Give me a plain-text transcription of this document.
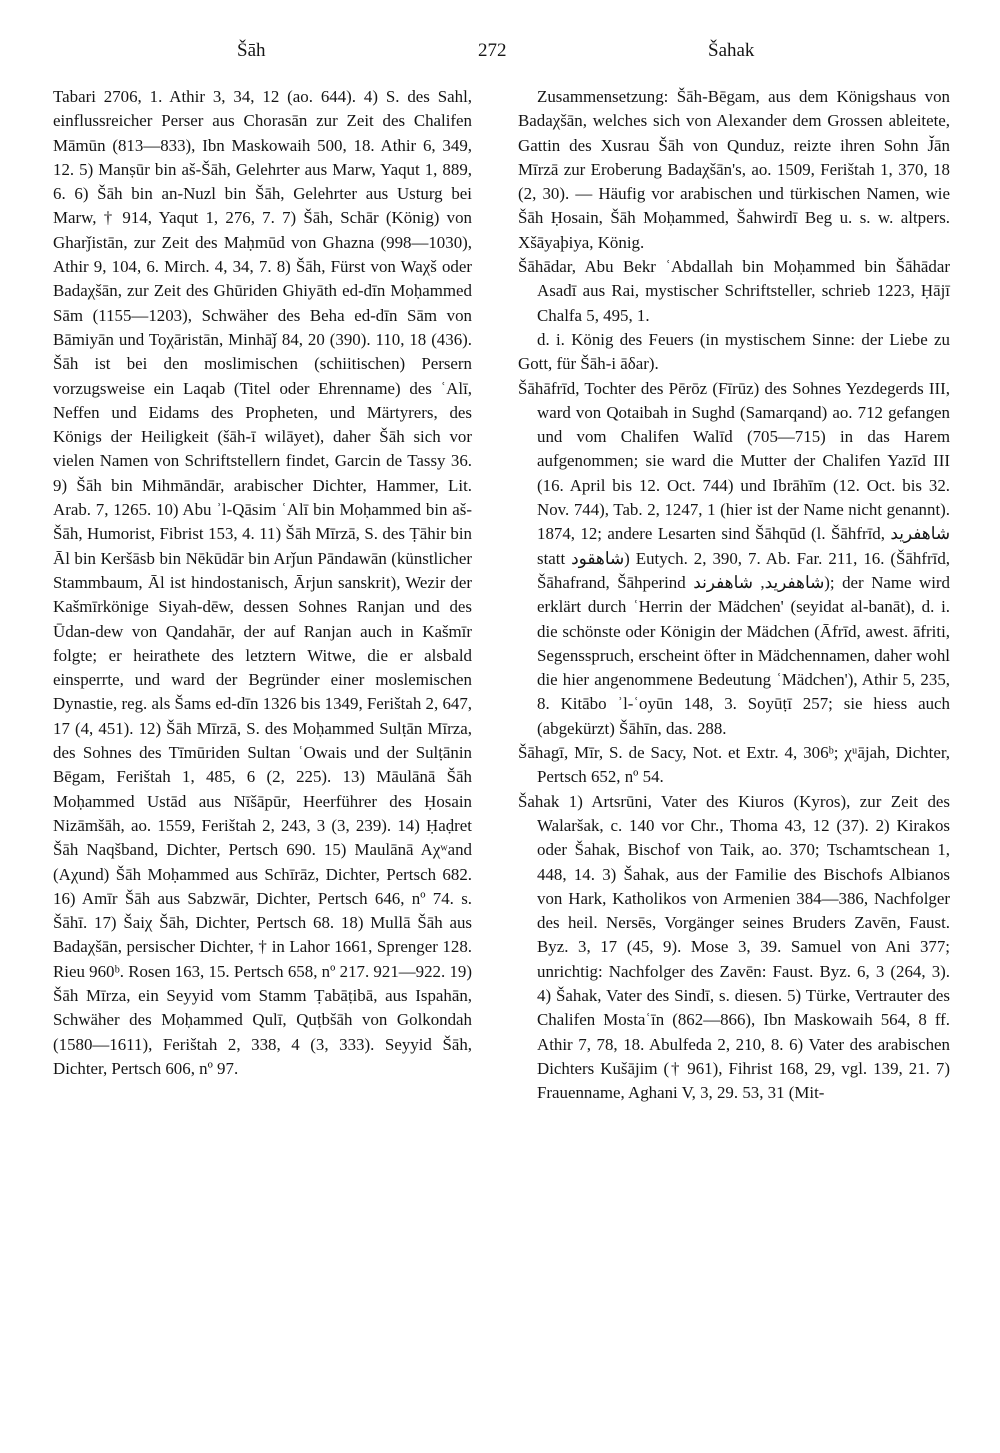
Šāh	272	Šahak

Tabari 2706, 1. Athir 3, 34, 12 (ao. 644). 4) S. des Sahl, einflussreicher Perser aus Chorasān zur Zeit des Chalifen Māmūn (813—833), Ibn Maskowaih 500, 18. Athir 6, 349, 12. 5) Manṣūr bin aš-Šāh, Gelehrter aus Marw, Yaqut 1, 889, 6. 6) Šāh bin an-Nuzl bin Šāh, Gelehrter aus Usturg bei Marw, † 914, Yaqut 1, 276, 7. 7) Šāh, Schār (König) von Gharǰistān, zur Zeit des Maḥmūd von Ghazna (998—1030), Athir 9, 104, 6. Mirch. 4, 34, 7. 8) Šāh, Fürst von Waχš oder Badaχšān, zur Zeit des Ghūriden Ghiyāth ed-dīn Moḥammed Sām (1155—1203), Schwäher des Beha ed-dīn Sām von Bāmiyān und Toχāristān, Minhāǰ 84, 20 (390). 110, 18 (436). Šāh ist bei den moslimischen (schiitischen) Persern vorzugsweise ein Laqab (Titel oder Ehrenname) des ʿAlī, Neffen und Eidams des Propheten, und Märtyrers, des Königs der Heiligkeit (šāh-ī wilāyet), daher Šāh sich vor vielen Namen von Schriftstellern findet, Garcin de Tassy 36. 9) Šāh bin Mihmāndār, arabischer Dichter, Hammer, Lit. Arab. 7, 1265. 10) Abu ʾl-Qāsim ʿAlī bin Moḥammed bin aš-Šāh, Humorist, Fibrist 153, 4. 11) Šāh Mīrzā, S. des Ṭāhir bin Āl bin Keršāsb bin Nēkūdār bin Arǰun Pāndawān (künstlicher Stammbaum, Āl ist hindostanisch, Ārjun sanskrit), Wezir der Kašmīrkönige Siyah-dēw, dessen Sohnes Ranjan und des Ūdan-dew von Qandahār, der auf Ranjan auch in Kašmīr folgte; er heirathete des letztern Witwe, die er alsbald einsperrte, und ward der Begründer einer moslemischen Dynastie, reg. als Šams ed-dīn 1326 bis 1349, Ferištah 2, 647, 17 (4, 451). 12) Šāh Mīrzā, S. des Moḥammed Sulṭān Mīrza, des Sohnes des Tīmūriden Sultan ʿOwais und der Sulṭānin Bēgam, Ferištah 1, 485, 6 (2, 225). 13) Māulānā Šāh Moḥammed Ustād aus Nīšāpūr, Heerführer des Ḥosain Nizāmšāh, ao. 1559, Ferištah 2, 243, 3 (3, 239). 14) Ḥaḍret Šāh Naqšband, Dichter, Pertsch 690. 15) Maulānā Aχʷand (Aχund) Šāh Moḥammed aus Schīrāz, Dichter, Pertsch 682. 16) Amīr Šāh aus Sabzwār, Dichter, Pertsch 646, nº 74. s. Šāhī. 17) Šaiχ Šāh, Dichter, Pertsch 68. 18) Mullā Šāh aus Badaχšān, persischer Dichter, † in Lahor 1661, Sprenger 128. Rieu 960ᵇ. Rosen 163, 15. Pertsch 658, nº 217. 921—922. 19) Šāh Mīrza, ein Seyyid vom Stamm Ṭabāṭibā, aus Ispahān, Schwäher des Moḥammed Qulī, Quṭbšāh von Golkondah (1580—1611), Ferištah 2, 338, 4 (3, 333). Seyyid Šāh, Dichter, Pertsch 606, nº 97.

Zusammensetzung: Šāh-Bēgam, aus dem Königshaus von Badaχšān, welches sich von Alexander dem Grossen ableitete, Gattin des Xusrau Šāh von Qunduz, reizte ihren Sohn J̌ān Mīrzā zur Eroberung Badaχšān's, ao. 1509, Ferištah 1, 370, 18 (2, 30). — Häufig vor arabischen und türkischen Namen, wie Šāh Ḥosain, Šāh Moḥammed, Šahwirdī Beg u. s. w. altpers. Xšāyaþiya, König.

Šāhādar, Abu Bekr ʿAbdallah bin Moḥammed bin Šāhādar Asadī aus Rai, mystischer Schriftsteller, schrieb 1223, Ḥājī Chalfa 5, 495, 1.

d. i. König des Feuers (in mystischem Sinne: der Liebe zu Gott, für Šāh-i āδar).

Šāhāfrīd, Tochter des Pērōz (Fīrūz) des Sohnes Yezdegerds III, ward von Qotaibah in Sughd (Samarqand) ao. 712 gefangen und vom Chalifen Walīd (705—715) in das Harem aufgenommen; sie ward die Mutter der Chalifen Yazīd III (16. April bis 12. Oct. 744) und Ibrāhīm (12. Oct. bis 32. Nov. 744), Tab. 2, 1247, 1 (hier ist der Name nicht genannt). 1874, 12; andere Lesarten sind Šāhqūd (l. Šāhfrīd, شاهفريد statt شاهقود) Eutych. 2, 390, 7. Ab. Far. 211, 16. (Šāhfrīd, Šāhafrand, Šāhperind شاهفريد, شاهفرند); der Name wird erklärt durch ʿHerrin der Mädchen' (seyidat al-banāt), d. i. die schönste oder Königin der Mädchen (Āfrīd, awest. āfriti, Segensspruch, erscheint öfter in Mädchennamen, daher wohl die hier angenommene Bedeutung ʿMädchen'), Athir 5, 235, 8. Kitābo ʾl-ʿoyūn 148, 3. Soyūṭī 257; sie hiess auch (abgekürzt) Šāhīn, das. 288.

Šāhagī, Mīr, S. de Sacy, Not. et Extr. 4, 306ᵇ; χᵘājah, Dichter, Pertsch 652, nº 54.

Šahak 1) Artsrūni, Vater des Kiuros (Kyros), zur Zeit des Walaršak, c. 140 vor Chr., Thoma 43, 12 (37). 2) Kirakos oder Šahak, Bischof von Taik, ao. 370; Tschamtschean 1, 448, 14. 3) Šahak, aus der Familie des Bischofs Albianos von Hark, Katholikos von Armenien 384—386, Nachfolger des heil. Nersēs, Vorgänger seines Bruders Zavēn, Faust. Byz. 3, 17 (45, 9). Mose 3, 39. Samuel von Ani 377; unrichtig: Nachfolger des Zavēn: Faust. Byz. 6, 3 (264, 3). 4) Šahak, Vater des Sindī, s. diesen. 5) Türke, Vertrauter des Chalifen Mostaʿīn (862—866), Ibn Maskowaih 564, 8 ff. Athir 7, 78, 18. Abulfeda 2, 210, 8. 6) Vater des arabischen Dichters Kušājim († 961), Fihrist 168, 29, vgl. 139, 21. 7) Frauenname, Aghani V, 3, 29. 53, 31 (Mit-
